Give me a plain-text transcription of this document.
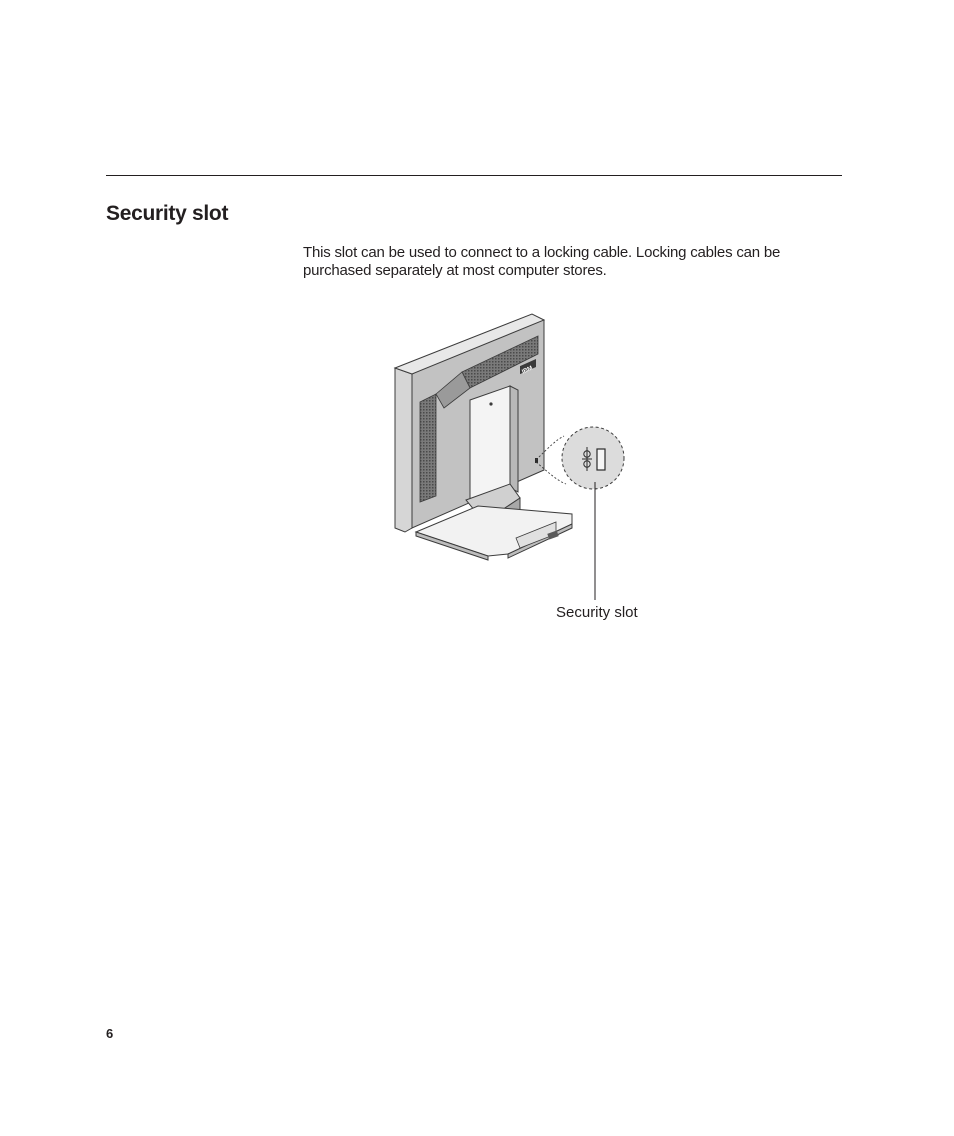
Security slot

This slot can be used to connect to a locking cable. Locking cables can be
purchased separately at most computer stores.

IBM
Security slot
6
